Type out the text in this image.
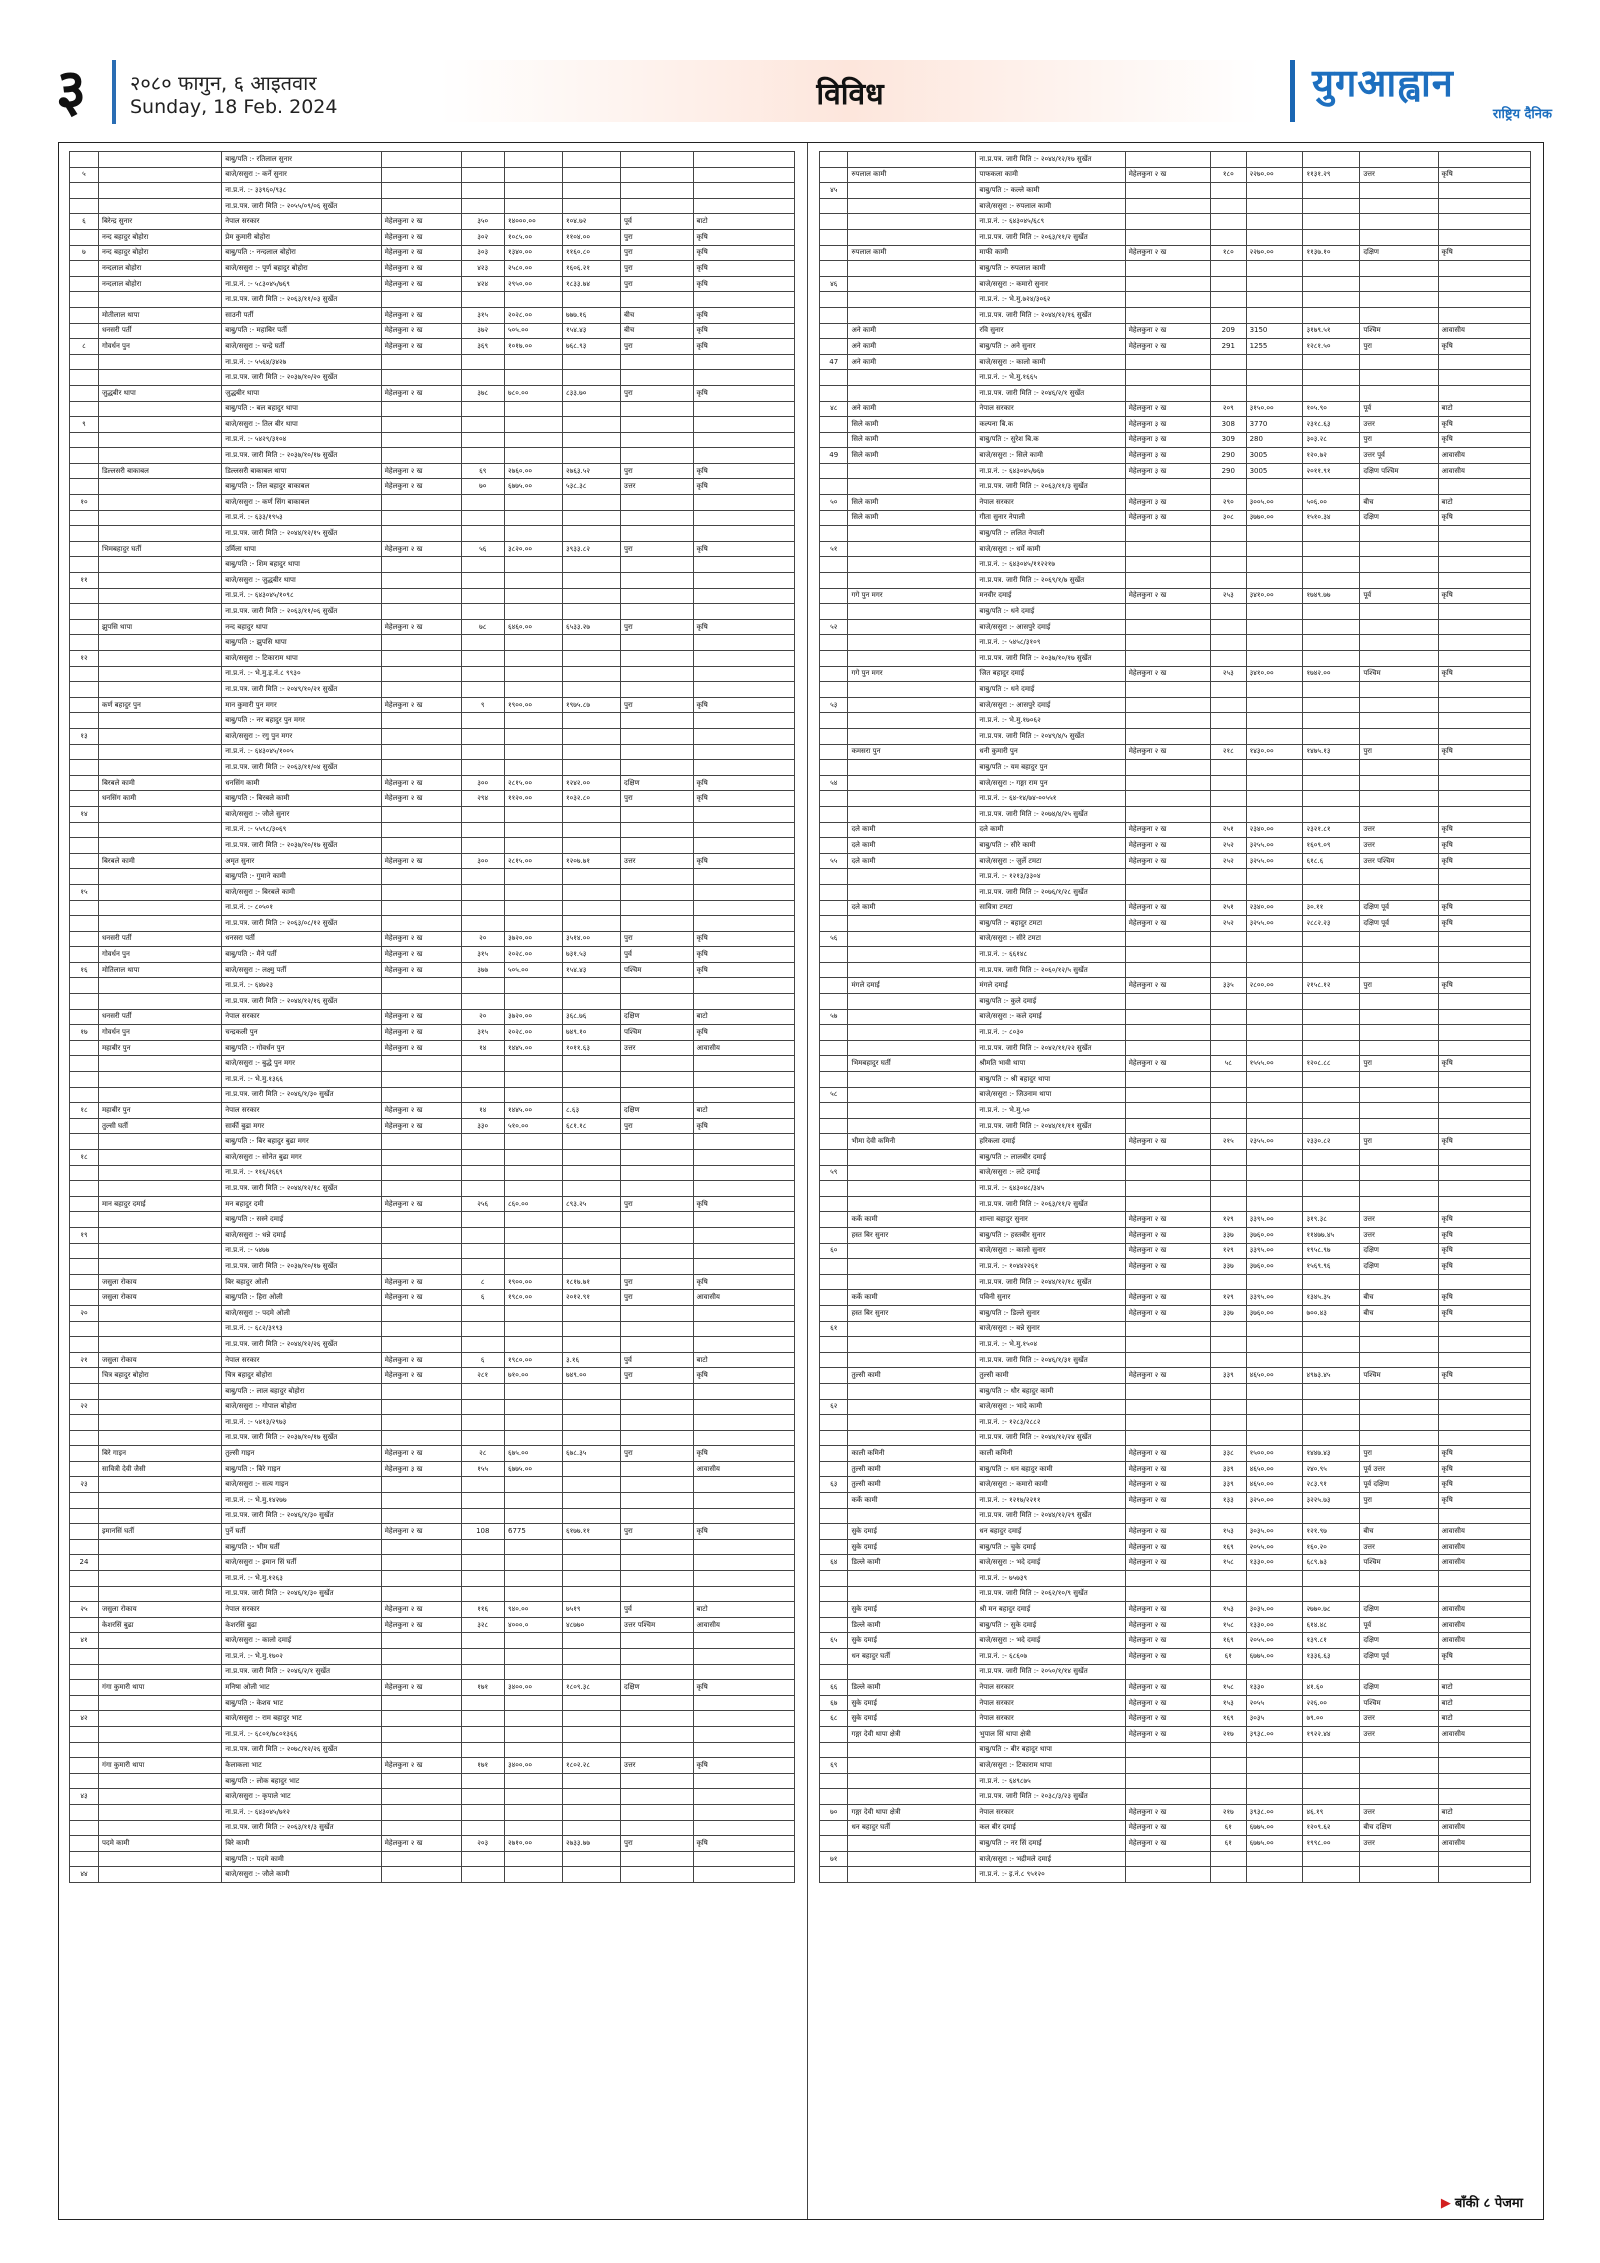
३ २०८० फागुन, ६ आइतवार
Sunday, 18 Feb. 2024	विविध	युगआह्वान
राष्ट्रिय दैनिक
		बाबु/पति :- रतिलाल सुनार						
५		बाजे/ससुरा :- कर्ने सुनार						
		ना.प्र.नं. :- ३३९६०/९३८						
		ना.प्र.पत्र. जारी मिति :- २०५५/०९/०६ सुर्खेत						
६	बिरेन्द्र सुनार	नेपाल सरकार	मेहेलकुना २ ख	३५०	१४०००.००	१०४.७२	पूर्व	बाटो
	नन्द बहादुर बोहोरा	प्रेम कुमारी बोहोरा	मेहेलकुना २ ख	३०२	१०८५.००	११०४.००	पुरा	कृषि
७	नन्द बहादुर बोहोरा	बाबु/पति :- नन्दलाल बोहोरा	मेहेलकुना २ ख	३०३	१३४०.००	११६०.८०	पुरा	कृषि
	नन्दलाल बोहोरा	बाजे/ससुरा :- पूर्ण बहादुर बोहोरा	मेहेलकुना २ ख	४२३	२५८०.००	१६०६.२१	पुरा	कृषि
	नन्दलाल बोहोरा	ना.प्र.नं. :- ५८३०४५/७६९	मेहेलकुना २ ख	४२४	२९५०.००	१८३३.७४	पुरा	कृषि
		ना.प्र.पत्र. जारी मिति :- २०६३/११/०३ सुर्खेत						
	मोतीलाल थापा	साउनी पर्ती	मेहेलकुना २ ख	३१५	२०२८.००	७७७.१६	बीच	कृषि
	धनसरी पर्ती	बाबु/पति :- महाबिर पर्ती	मेहेलकुना २ ख	३७२	५०५.००	१५४.४३	बीच	कृषि
८	गोवर्धन पुन	बाजे/ससुरा :- चन्द्रे घर्ती	मेहेलकुना २ ख	३६९	१०१७.००	७६८.९३	पुरा	कृषि
		ना.प्र.नं. :- ५५६४/३४२७						
		ना.प्र.पत्र. जारी मिति :- २०३७/१०/२० सुर्खेत						
	जुद्धबीर थापा	जुद्धबीर थापा	मेहेलकुना २ ख	३७८	७८०.००	८३३.७०	पुरा	कृषि
		बाबु/पति :- बल बहादुर थापा						
९		बाजे/ससुरा :- तिल बीर थापा						
		ना.प्र.नं. :- ५४२९/३१०४						
		ना.प्र.पत्र. जारी मिति :- २०३७/१०/१७ सुर्खेत						
	डिल्लसरी बाकाबल	डिल्लसरी बाकाबल थापा	मेहेलकुना २ ख	६९	२७६०.००	२७६३.५२	पुरा	कृषि
		बाबु/पति :- तिल बहादुर बाकाबल	मेहेलकुना २ ख	७०	६७७५.००	५३८.३८	उत्तर	कृषि
१०		बाजे/ससुरा :- कर्ण सिंग बाकाबल						
		ना.प्र.नं. :- ६३३/१९५३						
		ना.प्र.पत्र. जारी मिति :- २०४४/१२/१५ सुर्खेत						
	भिमबहादुर घर्ती	उर्मिला थापा	मेहेलकुना २ ख	५६	३८२०.००	३९३३.८२	पुरा	कृषि
		बाबु/पति :- शिम बहादुर थापा						
११		बाजे/ससुरा :- जुद्धबीर थापा						
		ना.प्र.नं. :- ६४३०४५/१०९८						
		ना.प्र.पत्र. जारी मिति :- २०६३/११/०६ सुर्खेत						
	झुपसि थापा	नन्द बहादुर थापा	मेहेलकुना २ ख	७८	६४६०.००	६५३३.२७	पुरा	कृषि
		बाबु/पति :- झुपसि थापा						
१२		बाजे/ससुरा :- टिकाराम थापा						
		ना.प्र.नं. :- भे.मु.इ.नं.८ ९९३०						
		ना.प्र.पत्र. जारी मिति :- २०४९/१०/२१ सुर्खेत						
	कर्ण बहादुर पुन	मान कुमारी पुन मगर	मेहेलकुना २ ख	९	१९००.००	१९७५.८७	पुरा	कृषि
		बाबु/पति :- नर बहादुर पुन मगर						
१३		बाजे/ससुरा :- रगु पुन मगर						
		ना.प्र.नं. :- ६४३०४५/१००५						
		ना.प्र.पत्र. जारी मिति :- २०६३/११/०४ सुर्खेत						
	बिरबले कामी	धनसिंग कामी	मेहेलकुना २ ख	३००	२८१५.००	१२४२.००	दक्षिण	कृषि
	धनसिंग कामी	बाबु/पति :- बिरबले कामी	मेहेलकुना २ ख	२९४	११२०.००	१०३२.८०	पुरा	कृषि
१४		बाजे/ससुरा :- जौले सुनार						
		ना.प्र.नं. :- ५५९८/३०६९						
		ना.प्र.पत्र. जारी मिति :- २०३७/१०/१७ सुर्खेत						
	बिरबले कामी	अमृत सुनार	मेहेलकुना २ ख	३००	२८१५.००	१२०७.७१	उत्तर	कृषि
		बाबु/पति :- गुमाने कामी						
१५		बाजे/ससुरा :- बिरबले कामी						
		ना.प्र.नं. :- ८०५०१						
		ना.प्र.पत्र. जारी मिति :- २०६३/०८/१२ सुर्खेत						
	धनसरी पर्ती	धनसरा पर्ती	मेहेलकुना २ ख	२०	३७२०.००	३५१४.००	पुरा	कृषि
	गोवर्धन पुन	बाबु/पति :- मैने पर्ती	मेहेलकुना २ ख	३१५	२०२८.००	७३१.५३	पुर्व	कृषि
१६	मोतिलाल थापा	बाजे/ससुरा :- लक्ष्मु पर्ती	मेहेलकुना २ ख	३७७	५०५.००	१५४.४३	पश्चिम	कृषि
		ना.प्र.नं. :- ६४७२३						
		ना.प्र.पत्र. जारी मिति :- २०४४/१२/१६ सुर्खेत						
	धनसरी पर्ती	नेपाल सरकार	मेहेलकुना २ ख	२०	३७२०.००	३६८.७६	दक्षिण	बाटो
१७	गोवर्धन पुन	चन्द्रकली पुन	मेहेलकुना २ ख	३१५	२०२८.००	७४९.१०	पश्चिम	कृषि
	महाबीर पुन	बाबु/पति :- गोवर्धन पुन	मेहेलकुना २ ख	१४	१४४५.००	१०११.६३	उत्तर	आवासीय
		बाजे/ससुरा :- बुद्धे पुन मगर						
		ना.प्र.नं. :- भे.मु.१३६६						
		ना.प्र.पत्र. जारी मिति :- २०४६/१/३० सुर्खेत						
१८	महाबीर पुन	नेपाल सरकार	मेहेलकुना २ ख	१४	१४४५.००	८.६३	दक्षिण	बाटो
	तुल्सी घर्ती	सार्की बुढा मगर	मेहेलकुना २ ख	३३०	५१०.००	६८१.१८	पुरा	कृषि
		बाबु/पति :- बिर बहादुर बुढा मगर						
१८		बाजे/ससुरा :- सोनेत बुढा मगर						
		ना.प्र.नं. :- ११६/२६६९						
		ना.प्र.पत्र. जारी मिति :- २०४४/१२/१८ सुर्खेत						
	मान बहादुर दमाई	मन बहादुर दमी	मेहेलकुना २ ख	२५६	८६०.००	८९३.२५	पुरा	कृषि
		बाबु/पति :- सस्ने दमाई						
१९		बाजे/ससुरा :- धन्ने दमाई						
		ना.प्र.नं. :- ५४७७						
		ना.प्र.पत्र. जारी मिति :- २०३७/१०/१७ सुर्खेत						
	जसुला रोकाय	बिर बहादुर ओली	मेहेलकुना २ ख	८	१९००.००	१८१७.७१	पुरा	कृषि
	जसुला रोकाय	बाबु/पति :- हिरा ओली	मेहेलकुना २ ख	६	१९८०.००	२०१२.९१	पुरा	आवासीय
२०		बाजे/ससुरा :- पदमे ओली						
		ना.प्र.नं. :- ६८२/३१९३						
		ना.प्र.पत्र. जारी मिति :- २०४४/१२/२६ सुर्खेत						
२१	जसुला रोकाय	नेपाल सरकार	मेहेलकुना २ ख	६	१९८०.००	३.१६	पुर्व	बाटो
	चित्र बहादुर बोहोरा	चित्र बहादुर बोहोरा	मेहेलकुना २ ख	२८१	७१०.००	७४९.००	पुरा	कृषि
		बाबु/पति :- लाल बहादुर बोहोरा						
२२		बाजे/ससुरा :- गोपाल बोहोरा						
		ना.प्र.नं. :- ५४१३/२९७३						
		ना.प्र.पत्र. जारी मिति :- २०३७/१०/१७ सुर्खेत						
	बिरे गाइन	तुल्सी गाइन	मेहेलकुना २ ख	२८	६७५.००	६७८.३५	पुरा	कृषि
	सावित्री देवी जैसी	बाबु/पति :- बिरे गाइन	मेहेलकुना ३ ख	१५५	६७७५.००			आवासीय
२३		बाजे/ससुरा :- सत्य गाइन						
		ना.प्र.नं. :- भे.मु.१४२७७						
		ना.प्र.पत्र. जारी मिति :- २०४६/१/३० सुर्खेत						
	इमानसिं घर्ती	पुर्ने घर्ती	मेहेलकुना २ ख	108	6775	६१७७.११	पुरा	कृषि
		बाबु/पति :- भीम घर्ती						
24		बाजे/ससुरा :- इमान सिं घर्ती						
		ना.प्र.नं. :- भे.मु.१२६३						
		ना.प्र.पत्र. जारी मिति :- २०४६/१/३० सुर्खेत						
२५	जसुला रोकाय	नेपाल सरकार	मेहेलकुना २ ख	११६	९४०.००	७५१९	पुर्व	बाटो
	केशरसिं बुढा	केशरसिं बुढा	मेहेलकुना २ ख	३२८	४०००.०	४८७७०	उत्तर पश्चिम	आवासीय
४१		बाजे/ससुरा :- कालो दमाई						
		ना.प्र.नं. :- भे.मु.१७०२						
		ना.प्र.पत्र. जारी मिति :- २०४६/२/१ सुर्खेत						
	गंगा कुमारी थापा	मनिषा ओली भाट	मेहेलकुना २ ख	१७१	३४००.००	१८०९.३८	दक्षिण	कृषि
		बाबु/पति :- केशव भाट						
४२		बाजे/ससुरा :- राम बहादुर भाट						
		ना.प्र.नं. :- ६८०१/७८०१३६६						
		ना.प्र.पत्र. जारी मिति :- २०७८/१२/२६ सुर्खेत						
	गंगा कुमारी थापा	कैलाकला भाट	मेहेलकुना २ ख	१७१	३४००.००	१८०२.२८	उत्तर	कृषि
		बाबु/पति :- लोक बहादुर भाट						
४३		बाजे/ससुरा :- कृपाले भाट						
		ना.प्र.नं. :- ६४३०४५/७१२						
		ना.प्र.पत्र. जारी मिति :- २०६३/११/३ सुर्खेत						
	पदमे कामी	बिरे कामी	मेहेलकुना २ ख	२०३	२७१०.००	२७३३.७७	पुरा	कृषि
		बाबु/पति :- पदमे कामी						
४४		बाजे/ससुरा :- जौले कामी						
		ना.प्र.पत्र. जारी मिति :- २०४४/१२/१७ सुर्खेत						
	रुपलाल कामी	पाफकला कामी	मेहेलकुना २ ख	१८०	२२७०.००	११३१.२९	उत्तर	कृषि
४५		बाबु/पति :- कल्ले कामी						
		बाजे/ससुरा :- रुपलाल कामी						
		ना.प्र.नं. :- ६४३०४५/६८९						
		ना.प्र.पत्र. जारी मिति :- २०६३/११/२ सुर्खेत						
	रुपलाल कामी	माफी कामी	मेहेलकुना २ ख	१८०	२२७०.००	११३७.१०	दक्षिण	कृषि
		बाबु/पति :- रुपलाल कामी						
४६		बाजे/ससुरा :- कमारो सुनार						
		ना.प्र.नं. :- भे.मु.७२४/३०६२						
		ना.प्र.पत्र. जारी मिति :- २०४४/१२/१६ सुर्खेत						
	अने कामी	रवि सुनार	मेहेलकुना २ ख	209	3150	३१७९.५१	पश्चिम	आवासीय
	अने कामी	बाबु/पति :- अने सुनार	मेहेलकुना २ ख	291	1255	१२८१.५०	पुरा	कृषि
47	अने कामी	बाजे/ससुरा :- कालो कामी						
		ना.प्र.नं. :- भे.मु.१६६५						
		ना.प्र.पत्र. जारी मिति :- २०४६/२/१ सुर्खेत						
४८	अने कामी	नेपाल सरकार	मेहेलकुना २ ख	२०९	३१५०.००	१०५.९०	पूर्व	बाटो
	सिले कामी	कल्पना बि.क	मेहेलकुना ३ ख	308	3770	२३१८.६३	उत्तर	कृषि
	सिले कामी	बाबु/पति :- सुरेश बि.क	मेहेलकुना ३ ख	309	280	३०३.२८	पुरा	कृषि
49	सिले कामी	बाजे/ससुरा :- सिले कामी	मेहेलकुना ३ ख	290	3005	१२०.७२	उत्तर पूर्व	आवासीय
		ना.प्र.नं. :- ६४३०४५/७६७	मेहेलकुना ३ ख	290	3005	२०११.९१	दक्षिण पश्चिम	आवासीय
		ना.प्र.पत्र. जारी मिति :- २०६३/११/३ सुर्खेत						
५०	सिले कामी	नेपाल सरकार	मेहेलकुना ३ ख	२९०	३००५.००	५०६.००	बीच	बाटो
	सिले कामी	गीता सुनार नेपाली	मेहेलकुना ३ ख	३०८	३७७०.००	१५१०.३४	दक्षिण	कृषि
		बाबु/पति :- ललित नेपाली						
५१		बाजे/ससुरा :- धर्मे कामी						
		ना.प्र.नं. :- ६४३०४५/११२२१७						
		ना.प्र.पत्र. जारी मिति :- २०६९/१/७ सुर्खेत						
	गगे पुन मगर	मनवीर दमाई	मेहेलकुना २ ख	२५३	३४१०.००	१७४९.७७	पूर्व	कृषि
		बाबु/पति :- धने दमाई						
५२		बाजे/ससुरा :- आसपुरे दमाई						
		ना.प्र.नं. :- ५४५८/३१०९						
		ना.प्र.पत्र. जारी मिति :- २०३७/१०/१७ सुर्खेत						
	गगे पुन मगर	जित बहादुर दमाई	मेहेलकुना २ ख	२५३	३४१०.००	१७४२.००	पश्चिम	कृषि
		बाबु/पति :- धने दमाई						
५३		बाजे/ससुरा :- आसपुरे दमाई						
		ना.प्र.नं. :- भे.मु.१७०६२						
		ना.प्र.पत्र. जारी मिति :- २०४९/४/५ सुर्खेत						
	कमसरा पुन	धनी कुमारी पुन	मेहेलकुना २ ख	२१८	१४३०.००	१४७५.१३	पुरा	कृषि
		बाबु/पति :- यम बहादुर पुन						
५४		बाजे/ससुरा :- गङ्गा राम पुन						
		ना.प्र.नं. :- ६४-१४/७४-००५५१						
		ना.प्र.पत्र. जारी मिति :- २०७४/४/२५ सुर्खेत						
	दले कामी	दले कामी	मेहेलकुना २ ख	२५१	२३४०.००	२३२१.८१	उत्तर	कृषि
	दले कामी	बाबु/पति :- सीरे कामी	मेहेलकुना २ ख	२५२	३२५५.००	१६०९.०९	उत्तर	कृषि
५५	दले कामी	बाजे/ससुरा :- जुर्ले टमटा	मेहेलकुना २ ख	२५२	३२५५.००	६१८.६	उत्तर पश्चिम	कृषि
		ना.प्र.नं. :- १२१३/३३०४						
		ना.प्र.पत्र. जारी मिति :- २०७६/१/२८ सुर्खेत						
	दले कामी	सावित्रा टमटा	मेहेलकुना २ ख	२५१	२३४०.००	३०.११	दक्षिण पूर्व	कृषि
		बाबु/पति :- बहादुर टमटा	मेहेलकुना २ ख	२५२	३२५५.००	२८८२.२३	दक्षिण पूर्व	कृषि
५६		बाजे/ससुरा :- सीरे टमटा						
		ना.प्र.नं. :- ६६१४८						
		ना.प्र.पत्र. जारी मिति :- २०६०/१२/५ सुर्खेत						
	मंगले दमाई	मंगले दमाई	मेहेलकुना २ ख	३३५	२८००.००	२१५८.१२	पुरा	कृषि
		बाबु/पति :- कुले दमाई						
५७		बाजे/ससुरा :- कले दमाई						
		ना.प्र.नं. :- ८०३०						
		ना.प्र.पत्र. जारी मिति :- २०४२/११/२२ सुर्खेत						
	भिमबहादुर घर्ती	श्रीमति भावी थापा	मेहेलकुना २ ख	५८	१५५५.००	१२०८.८८	पुरा	कृषि
		बाबु/पति :- श्री बहादुर थापा						
५८		बाजे/ससुरा :- जिउनाम थापा						
		ना.प्र.नं. :- भे.मु.५०						
		ना.प्र.पत्र. जारी मिति :- २०४४/११/११ सुर्खेत						
	भीमा देवी कमिनी	हरिकला दमाई	मेहेलकुना २ ख	२१५	२३५५.००	२३३०.८२	पुरा	कृषि
		बाबु/पति :- लालबीर दमाई						
५९		बाजे/ससुरा :- लटे दमाई						
		ना.प्र.नं. :- ६४३०४८/३४५						
		ना.प्र.पत्र. जारी मिति :- २०६३/११/२ सुर्खेत						
	कर्के कामी	शान्ता बहादुर सुनार	मेहेलकुना २ ख	१२९	३३९५.००	३१९.३८	उत्तर	कृषि
	हस्त बिर सुनार	बाबु/पति :- हस्तबीर सुनार	मेहेलकुना २ ख	३३७	३७६०.००	११४७७.४५	उत्तर	कृषि
६०		बाजे/ससुरा :- कालो सुनार	मेहेलकुना २ ख	१२९	३३९५.००	१९५८.९७	दक्षिण	कृषि
		ना.प्र.नं. :- १०४४२२६१	मेहेलकुना २ ख	३३७	३७६०.००	१५६९.९६	दक्षिण	कृषि
		ना.प्र.पत्र. जारी मिति :- २०४४/१२/१८ सुर्खेत						
	कर्के कामी	पविनी सुनार	मेहेलकुना २ ख	१२९	३३९५.००	१३४५.३५	बीच	कृषि
	हस्त बिर सुनार	बाबु/पति :- डिल्ले सुनार	मेहेलकुना २ ख	३३७	३७६०.००	७००.४३	बीच	कृषि
६१		बाजे/ससुरा :- बन्ने सुनार						
		ना.प्र.नं. :- भे.मु.१५०४						
		ना.प्र.पत्र. जारी मिति :- २०४६/१/३१ सुर्खेत						
	तुल्सी कामी	तुल्सी कामी	मेहेलकुना २ ख	३३९	४६५०.००	४९७३.४५	पश्चिम	कृषि
		बाबु/पति :- धौर बहादुर कामी						
६२		बाजे/ससुरा :- भादे कामी						
		ना.प्र.नं. :- १२८३/२८८२						
		ना.प्र.पत्र. जारी मिति :- २०४४/१२/२४ सुर्खेत						
	काली कमिनी	काली कमिनी	मेहेलकुना २ ख	३३८	१५००.००	१४४७.४३	पुरा	कृषि
	तुल्सी कामी	बाबु/पति :- धन बहादुर कामी	मेहेलकुना २ ख	३३९	४६५०.००	२४०.९५	पूर्व उत्तर	कृषि
६३	तुल्सी कामी	बाजे/ससुरा :- कमारो कामी	मेहेलकुना २ ख	३३९	४६५०.००	२८३.९१	पूर्व दक्षिण	कृषि
	कर्के कामी	ना.प्र.नं. :- १२१७/२२११	मेहेलकुना २ ख	१३३	३२५०.००	३२२५.७३	पुरा	कृषि
		ना.प्र.पत्र. जारी मिति :- २०४४/१२/२९ सुर्खेत						
	सुके दमाई	धन बहादुर दमाई	मेहेलकुना २ ख	१५३	३०३५.००	१२१.९७	बीच	आवासीय
	सुके दमाई	बाबु/पति :- चुके दमाई	मेहेलकुना २ ख	१६९	२०५५.००	१६०.२०	उत्तर	आवासीय
६४	डिल्ले कामी	बाजे/ससुरा :- भदे दमाई	मेहेलकुना २ ख	१५८	१३३०.००	६८९.७३	पश्चिम	आवासीय
		ना.प्र.नं. :- ७५७३९						
		ना.प्र.पत्र. जारी मिति :- २०६२/१०/९ सुर्खेत						
	सुके दमाई	श्री मन बहादुर दमाई	मेहेलकुना २ ख	१५३	३०३५.००	२७७०.७८	दक्षिण	आवासीय
	डिल्ले कामी	बाबु/पति :- सुके दमाई	मेहेलकुना २ ख	१५८	१३३०.००	६१४.४८	पूर्व	आवासीय
६५	सुके दमाई	बाजे/ससुरा :- भदे दमाई	मेहेलकुना २ ख	१६९	२०५५.००	१३९.८१	दक्षिण	आवासीय
	धन बहादुर घर्ती	ना.प्र.नं. :- ६८६०७	मेहेलकुना २ ख	६१	६७७५.००	१३३६.६३	दक्षिण पूर्व	कृषि
		ना.प्र.पत्र. जारी मिति :- २०५०/१/१४ सुर्खेत						
६६	डिल्ले कामी	नेपाल सरकार	मेहेलकुना २ ख	१५८	१३३०	४१.६०	दक्षिण	बाटो
६७	सुके दमाई	नेपाल सरकार	मेहेलकुना २ ख	१५३	२०५५	२२६.००	पश्चिम	बाटो
६८	सुके दमाई	नेपाल सरकार	मेहेलकुना २ ख	१६९	३०३५	७९.००	उत्तर	बाटो
	गङ्गा देवी थापा क्षेत्री	भुपाल सिं थापा क्षेत्री	मेहेलकुना २ ख	२१७	३९३८.००	१९२२.४४	उत्तर	आवासीय
		बाबु/पति :- बीर बहादुर थापा						
६९		बाजे/ससुरा :- टिकाराम थापा						
		ना.प्र.नं. :- ६४९८७५						
		ना.प्र.पत्र. जारी मिति :- २०३८/३/२३ सुर्खेत						
७०	गङ्गा देवी थापा क्षेत्री	नेपाल सरकार	मेहेलकुना २ ख	२१७	३९३८.००	४६.१९	उत्तर	बाटो
	धन बहादुर घर्ती	कल बीर दमाई	मेहेलकुना २ ख	६१	६७७५.००	१२०९.६२	बीच दक्षिण	आवासीय
		बाबु/पति :- नर सिं दमाई	मेहेलकुना २ ख	६१	६७७५.००	१९९८.००	उत्तर	आवासीय
७१		बाजे/ससुरा :- भद्रीमले दमाई						
		ना.प्र.नं. :- इ.नं.८ ९५१२०						
▶ बाँकी ८ पेजमा
